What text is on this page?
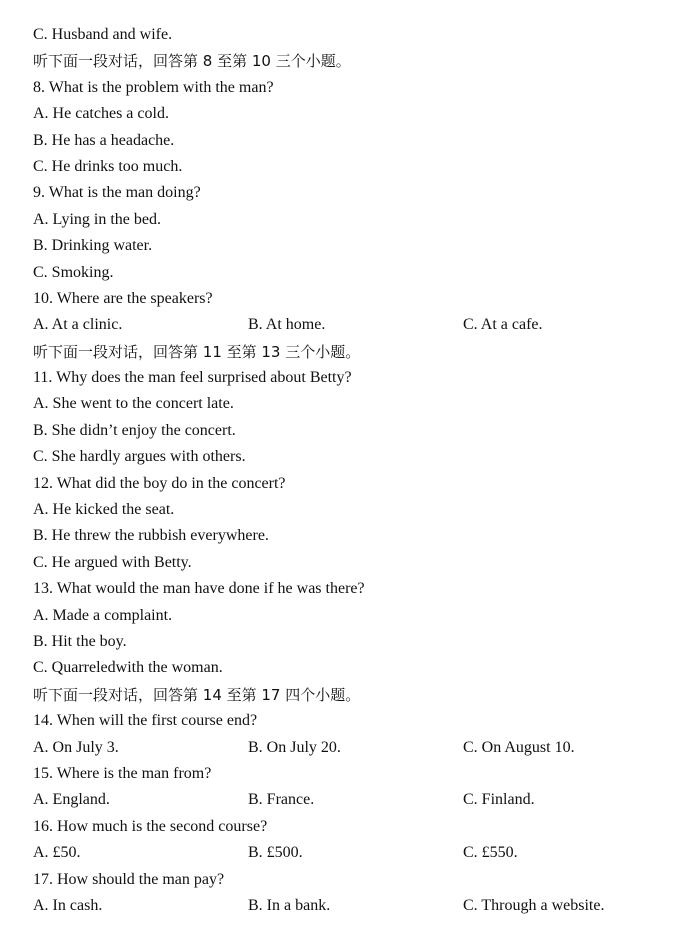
C. Husband and wife.
听下面一段对话，回答第 8 至第 10 三个小题。
8. What is the problem with the man?
A. He catches a cold.
B. He has a headache.
C. He drinks too much.
9. What is the man doing?
A. Lying in the bed.
B. Drinking water.
C. Smoking.
10. Where are the speakers?
A. At a clinic.	B. At home.	C. At a cafe.
听下面一段对话，回答第 11 至第 13 三个小题。
11. Why does the man feel surprised about Betty?
A. She went to the concert late.
B. She didn’t enjoy the concert.
C. She hardly argues with others.
12. What did the boy do in the concert?
A. He kicked the seat.
B. He threw the rubbish everywhere.
C. He argued with Betty.
13. What would the man have done if he was there?
A. Made a complaint.
B. Hit the boy.
C. Quarreledwith the woman.
听下面一段对话，回答第 14 至第 17 四个小题。
14. When will the first course end?
A. On July 3.	B. On July 20.	C. On August 10.
15. Where is the man from?
A. England.	B. France.	C. Finland.
16. How much is the second course?
A. £50.	B. £500.	C. £550.
17. How should the man pay?
A. In cash.	B. In a bank.	C. Through a website.
